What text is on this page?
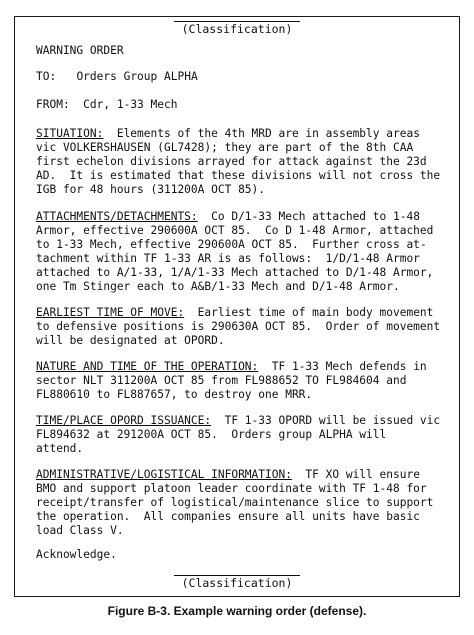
(Classification)
WARNING ORDER
TO: Orders Group ALPHA
FROM: Cdr, 1-33 Mech
SITUATION:  Elements of the 4th MRD are in assembly areas
vic VOLKERSHAUSEN (GL7428); they are part of the 8th CAA
first echelon divisions arrayed for attack against the 23d
AD.  It is estimated that these divisions will not cross the
IGB for 48 hours (311200A OCT 85).
ATTACHMENTS/DETACHMENTS:  Co D/1-33 Mech attached to 1-48
Armor, effective 290600A OCT 85.  Co D 1-48 Armor, attached
to 1-33 Mech, effective 290600A OCT 85.  Further cross at-
tachment within TF 1-33 AR is as follows:  1/D/1-48 Armor
attached to A/1-33, 1/A/1-33 Mech attached to D/1-48 Armor,
one Tm Stinger each to A&B/1-33 Mech and D/1-48 Armor.
EARLIEST TIME OF MOVE:  Earliest time of main body movement
to defensive positions is 290630A OCT 85.  Order of movement
will be designated at OPORD.
NATURE AND TIME OF THE OPERATION:  TF 1-33 Mech defends in
sector NLT 311200A OCT 85 from FL988652 TO FL984604 and
FL880610 to FL887657, to destroy one MRR.
TIME/PLACE OPORD ISSUANCE:  TF 1-33 OPORD will be issued vic
FL894632 at 291200A OCT 85.  Orders group ALPHA will
attend.
ADMINISTRATIVE/LOGISTICAL INFORMATION:  TF XO will ensure
BMO and support platoon leader coordinate with TF 1-48 for
receipt/transfer of logistical/maintenance slice to support
the operation.  All companies ensure all units have basic
load Class V.
Acknowledge.
(Classification)
Figure B-3. Example warning order (defense).
